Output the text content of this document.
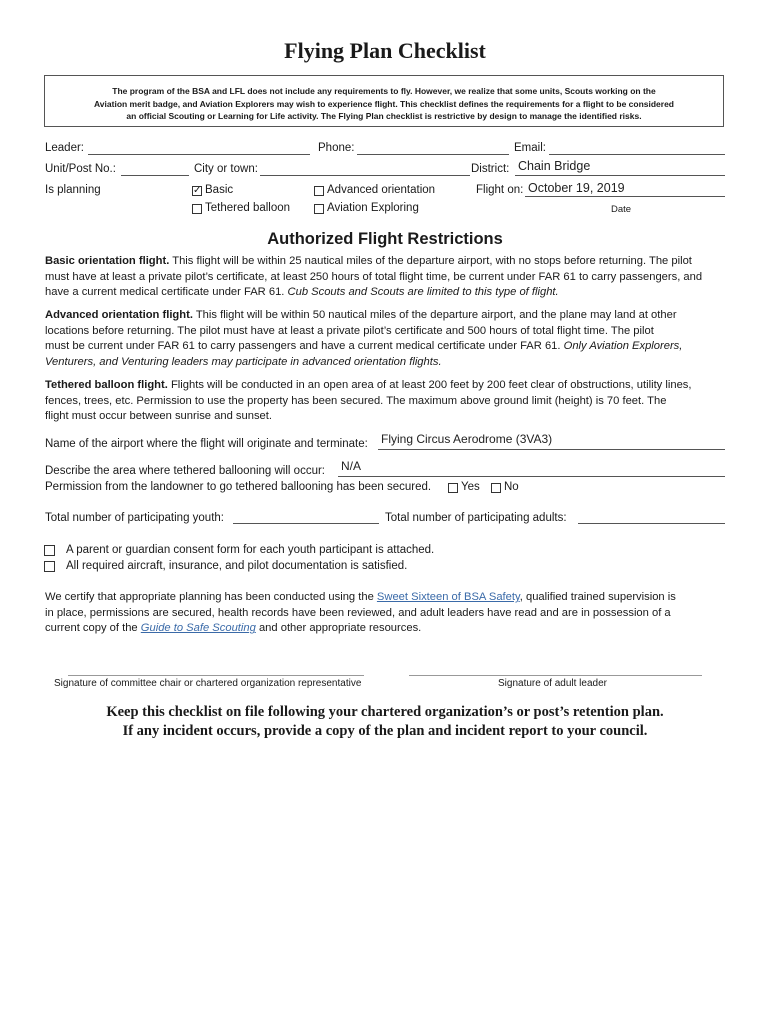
Flying Plan Checklist
The program of the BSA and LFL does not include any requirements to fly. However, we realize that some units, Scouts working on the
Aviation merit badge, and Aviation Explorers may wish to experience flight. This checklist defines the requirements for a flight to be considered
an official Scouting or Learning for Life activity. The Flying Plan checklist is restrictive by design to manage the identified risks.
Leader:	Phone:	Email:
Unit/Post No.:	City or town:	District: Chain Bridge
Is planning	✓ Basic	Advanced orientation	Flight on: October 19, 2019
Tethered balloon	Aviation Exploring	Date
Authorized Flight Restrictions
Basic orientation flight. This flight will be within 25 nautical miles of the departure airport, with no stops before returning. The pilot
must have at least a private pilot’s certificate, at least 250 hours of total flight time, be current under FAR 61 to carry passengers, and
have a current medical certificate under FAR 61. Cub Scouts and Scouts are limited to this type of flight.
Advanced orientation flight. This flight will be within 50 nautical miles of the departure airport, and the plane may land at other
locations before returning. The pilot must have at least a private pilot’s certificate and 500 hours of total flight time. The pilot
must be current under FAR 61 to carry passengers and have a current medical certificate under FAR 61. Only Aviation Explorers,
Venturers, and Venturing leaders may participate in advanced orientation flights.
Tethered balloon flight. Flights will be conducted in an open area of at least 200 feet by 200 feet clear of obstructions, utility lines,
fences, trees, etc. Permission to use the property has been secured. The maximum above ground limit (height) is 70 feet. The
flight must occur between sunrise and sunset.
Name of the airport where the flight will originate and terminate: Flying Circus Aerodrome (3VA3)
Describe the area where tethered ballooning will occur: N/A
Permission from the landowner to go tethered ballooning has been secured.	Yes No
Total number of participating youth:	Total number of participating adults:
A parent or guardian consent form for each youth participant is attached.
All required aircraft, insurance, and pilot documentation is satisfied.
We certify that appropriate planning has been conducted using the Sweet Sixteen of BSA Safety, qualified trained supervision is
in place, permissions are secured, health records have been reviewed, and adult leaders have read and are in possession of a
current copy of the Guide to Safe Scouting and other appropriate resources.
Signature of committee chair or chartered organization representative	Signature of adult leader
Keep this checklist on file following your chartered organization’s or post’s retention plan.
If any incident occurs, provide a copy of the plan and incident report to your council.
